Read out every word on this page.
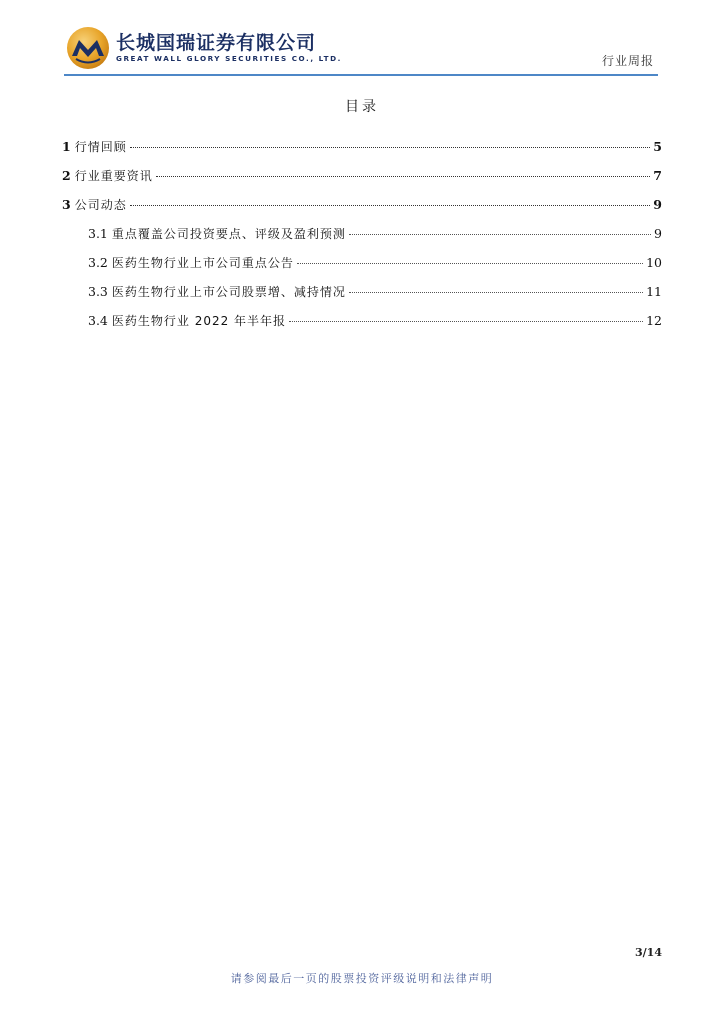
长城国瑞证券有限公司
GREAT WALL GLORY SECURITIES CO., LTD.	行业周报
目录
1 行情回顾	5
2 行业重要资讯	7
3 公司动态	9
3.1 重点覆盖公司投资要点、评级及盈利预测	9
3.2 医药生物行业上市公司重点公告	10
3.3 医药生物行业上市公司股票增、减持情况	11
3.4 医药生物行业 2022 年半年报	12
3/14
请参阅最后一页的股票投资评级说明和法律声明
